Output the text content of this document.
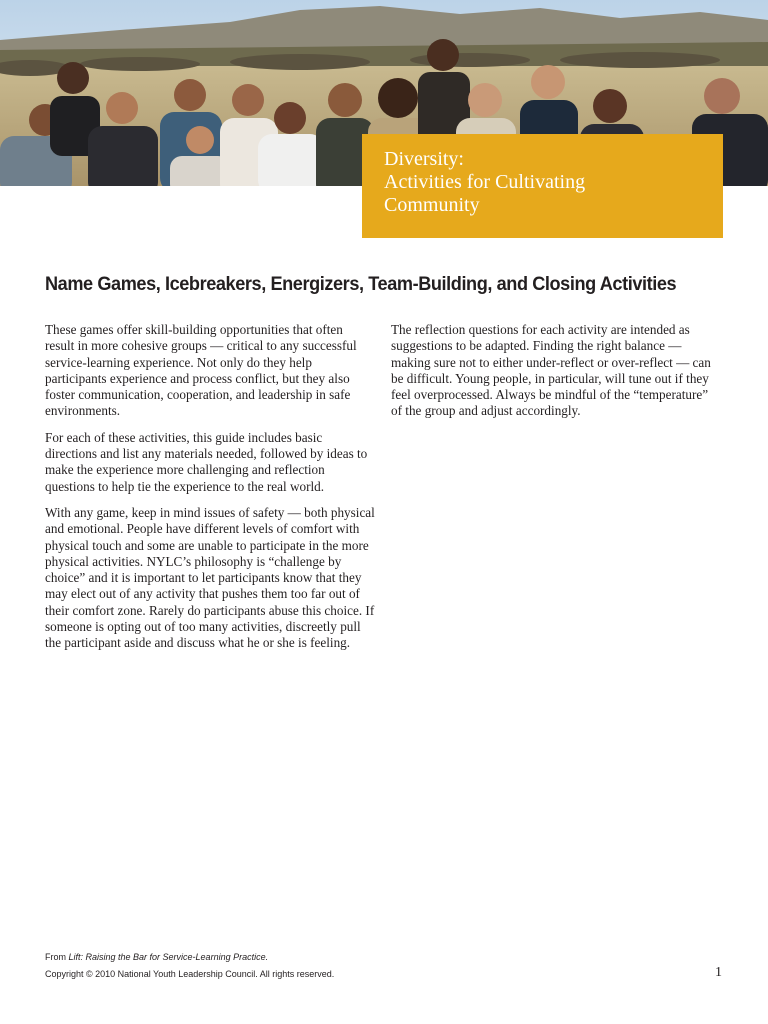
Diversity:
Activities for Cultivating Community
Name Games, Icebreakers, Energizers, Team-Building, and Closing Activities

These games offer skill-building opportunities that often result in more cohesive groups — critical to any successful service-learning experience. Not only do they help participants experience and process conflict, but they also foster communication, cooperation, and leadership in safe environments.

For each of these activities, this guide includes basic directions and list any materials needed, followed by ideas to make the experience more challenging and reflection questions to help tie the experience to the real world.

With any game, keep in mind issues of safety — both physical and emotional. People have different levels of comfort with physical touch and some are unable to participate in the more physical activities. NYLC’s philosophy is “challenge by choice” and it is important to let participants know that they may elect out of any activity that pushes them too far out of their comfort zone. Rarely do participants abuse this choice. If someone is opting out of too many activities, discreetly pull the participant aside and discuss what he or she is feeling.

The reflection questions for each activity are intended as suggestions to be adapted. Finding the right balance — making sure not to either under-reflect or over-reflect — can be difficult. Young people, in particular, will tune out if they feel overprocessed. Always be mindful of the “temperature” of the group and adjust accordingly.

From Lift: Raising the Bar for Service-Learning Practice.
Copyright © 2010 National Youth Leadership Council. All rights reserved.	1
